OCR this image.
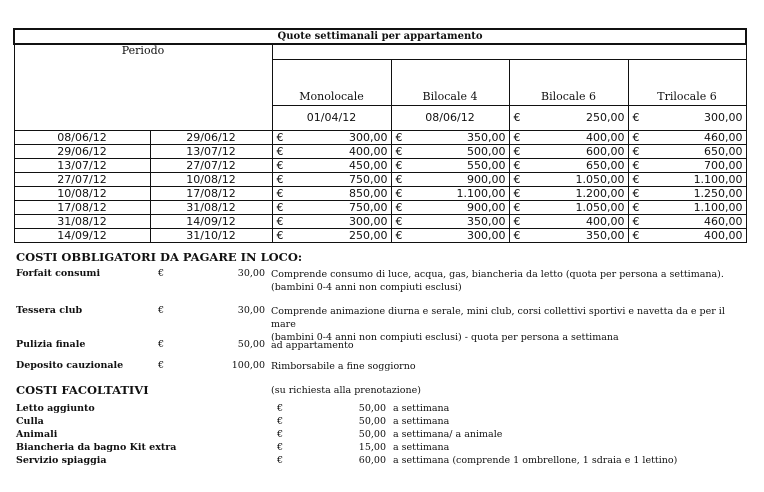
Quote settimanali per appartamento						
Periodo						
		Monolocale	Bilocale 4	Bilocale 6	Trilocale 6	
		01/04/12	08/06/12	€ 250,00	€ 300,00

08/06/12	29/06/12	€ 300,00	€ 350,00	€ 400,00	€ 460,00	

29/06/12	13/07/12	€ 400,00	€ 500,00	€ 600,00	€ 650,00	

13/07/12	27/07/12	€ 450,00	€ 550,00	€ 650,00	€ 700,00	

27/07/12	10/08/12	€ 750,00	€ 900,00	€ 1.050,00	€ 1.100,00	

10/08/12	17/08/12	€ 850,00	€ 1.100,00	€ 1.200,00	€ 1.250,00	

17/08/12	31/08/12	€ 750,00	€ 900,00	€ 1.050,00	€ 1.100,00	

31/08/12	14/09/12	€ 300,00	€ 350,00	€ 400,00	€ 460,00	

14/09/12	31/10/12	€ 250,00	€ 300,00	€ 350,00	€ 400,00	
COSTI OBBLIGATORI DA PAGARE IN LOCO:
Forfait consumi	€	30,00 Comprende consumo di luce, acqua, gas, biancheria da letto (quota per persona a settimana).
(bambini 0-4 anni non compiuti esclusi)
Tessera club	€	30,00 Comprende animazione diurna e serale, mini club, corsi collettivi sportivi e navetta da e per il mare
(bambini 0-4 anni non compiuti esclusi) - quota per persona a settimana
Pulizia finale	€	50,00 ad appartamento
Deposito cauzionale	€	100,00 Rimborsabile a fine soggiorno
COSTI FACOLTATIVI	(su richiesta alla prenotazione)
Letto aggiunto	€	50,00 a settimana
Culla	€	50,00 a settimana
Animali	€	50,00 a settimana/ a animale
Biancheria da bagno Kit extra	€	15,00 a settimana
Servizio spiaggia	€	60,00 a settimana (comprende 1 ombrellone, 1 sdraia e 1 lettino)
